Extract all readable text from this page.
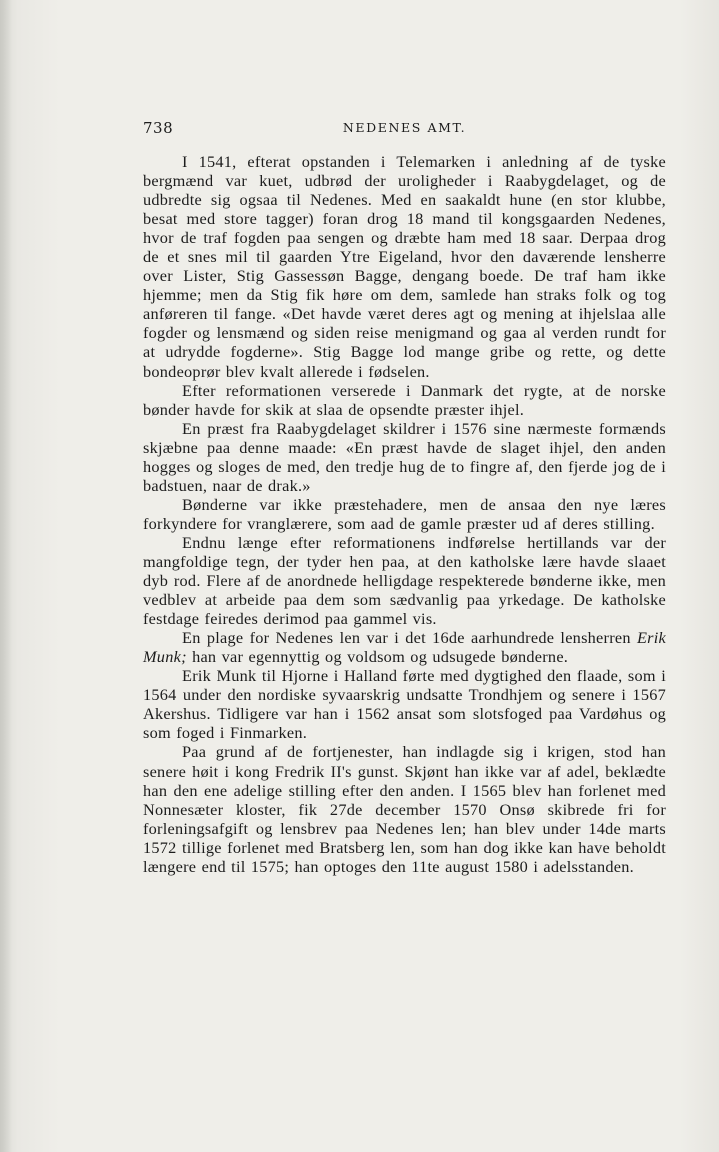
738	NEDENES AMT.

I 1541, efterat opstanden i Telemarken i anledning af de tyske bergmænd var kuet, udbrød der uroligheder i Raabygdelaget, og de udbredte sig ogsaa til Nedenes. Med en saakaldt hune (en stor klubbe, besat med store tagger) foran drog 18 mand til kongsgaarden Nedenes, hvor de traf fogden paa sengen og dræbte ham med 18 saar. Derpaa drog de et snes mil til gaarden Ytre Eigeland, hvor den daværende lensherre over Lister, Stig Gassessøn Bagge, dengang boede. De traf ham ikke hjemme; men da Stig fik høre om dem, samlede han straks folk og tog anføreren til fange. «Det havde været deres agt og mening at ihjelslaa alle fogder og lensmænd og siden reise menigmand og gaa al verden rundt for at udrydde fogderne». Stig Bagge lod mange gribe og rette, og dette bondeoprør blev kvalt allerede i fødselen.

Efter reformationen verserede i Danmark det rygte, at de norske bønder havde for skik at slaa de opsendte præster ihjel.

En præst fra Raabygdelaget skildrer i 1576 sine nærmeste formænds skjæbne paa denne maade: «En præst havde de slaget ihjel, den anden hogges og sloges de med, den tredje hug de to fingre af, den fjerde jog de i badstuen, naar de drak.»

Bønderne var ikke præstehadere, men de ansaa den nye læres forkyndere for vranglærere, som aad de gamle præster ud af deres stilling.

Endnu længe efter reformationens indførelse hertillands var der mangfoldige tegn, der tyder hen paa, at den katholske lære havde slaaet dyb rod. Flere af de anordnede helligdage respekterede bønderne ikke, men vedblev at arbeide paa dem som sædvanlig paa yrkedage. De katholske festdage feiredes derimod paa gammel vis.

En plage for Nedenes len var i det 16de aarhundrede lensherren Erik Munk; han var egennyttig og voldsom og udsugede bønderne.

Erik Munk til Hjorne i Halland førte med dygtighed den flaade, som i 1564 under den nordiske syvaarskrig undsatte Trondhjem og senere i 1567 Akershus. Tidligere var han i 1562 ansat som slotsfoged paa Vardøhus og som foged i Finmarken.

Paa grund af de fortjenester, han indlagde sig i krigen, stod han senere høit i kong Fredrik II's gunst. Skjønt han ikke var af adel, beklædte han den ene adelige stilling efter den anden. I 1565 blev han forlenet med Nonnesæter kloster, fik 27de december 1570 Onsø skibrede fri for forleningsafgift og lensbrev paa Nedenes len; han blev under 14de marts 1572 tillige forlenet med Bratsberg len, som han dog ikke kan have beholdt længere end til 1575; han optoges den 11te august 1580 i adelsstanden.
